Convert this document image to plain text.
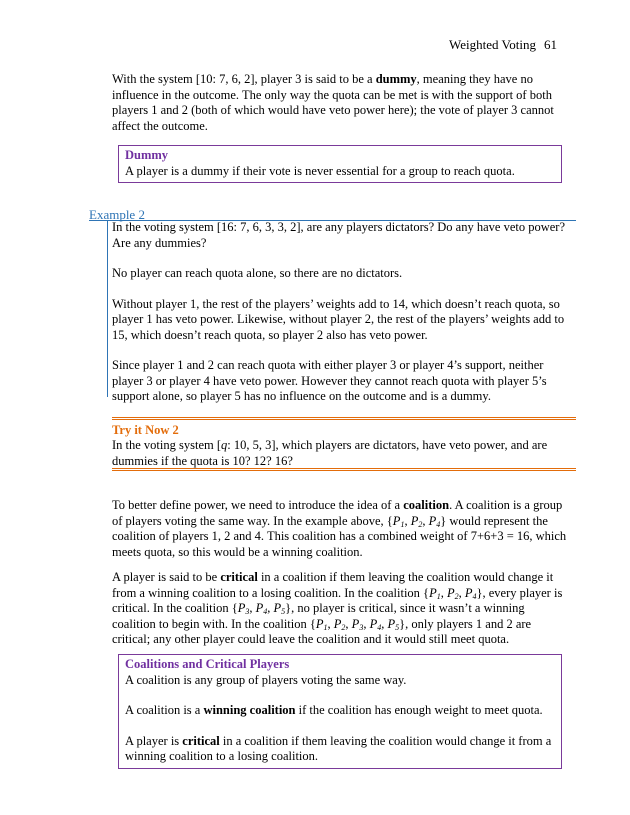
Weighted Voting 61

With the system [10: 7, 6, 2], player 3 is said to be a dummy, meaning they have no influence in the outcome. The only way the quota can be met is with the support of both players 1 and 2 (both of which would have veto power here); the vote of player 3 cannot affect the outcome.

Dummy
A player is a dummy if their vote is never essential for a group to reach quota.
Example 2

In the voting system [16: 7, 6, 3, 3, 2], are any players dictators? Do any have veto power? Are any dummies?

No player can reach quota alone, so there are no dictators.

Without player 1, the rest of the players’ weights add to 14, which doesn’t reach quota, so player 1 has veto power. Likewise, without player 2, the rest of the players’ weights add to 15, which doesn’t reach quota, so player 2 also has veto power.

Since player 1 and 2 can reach quota with either player 3 or player 4’s support, neither player 3 or player 4 have veto power. However they cannot reach quota with player 5’s support alone, so player 5 has no influence on the outcome and is a dummy.

Try it Now 2
In the voting system [q: 10, 5, 3], which players are dictators, have veto power, and are dummies if the quota is 10? 12? 16?

To better define power, we need to introduce the idea of a coalition. A coalition is a group of players voting the same way. In the example above, {$P_1$, $P_2$, $P_4$} would represent the coalition of players 1, 2 and 4. This coalition has a combined weight of 7+6+3 = 16, which meets quota, so this would be a winning coalition.

A player is said to be critical in a coalition if them leaving the coalition would change it from a winning coalition to a losing coalition. In the coalition {$P_1$, $P_2$, $P_4$}, every player is critical. In the coalition {$P_3$, $P_4$, $P_5$}, no player is critical, since it wasn’t a winning coalition to begin with. In the coalition {$P_1$, $P_2$, $P_3$, $P_4$, $P_5$}, only players 1 and 2 are critical; any other player could leave the coalition and it would still meet quota.

Coalitions and Critical Players
A coalition is any group of players voting the same way.
A coalition is a winning coalition if the coalition has enough weight to meet quota.
A player is critical in a coalition if them leaving the coalition would change it from a winning coalition to a losing coalition.
